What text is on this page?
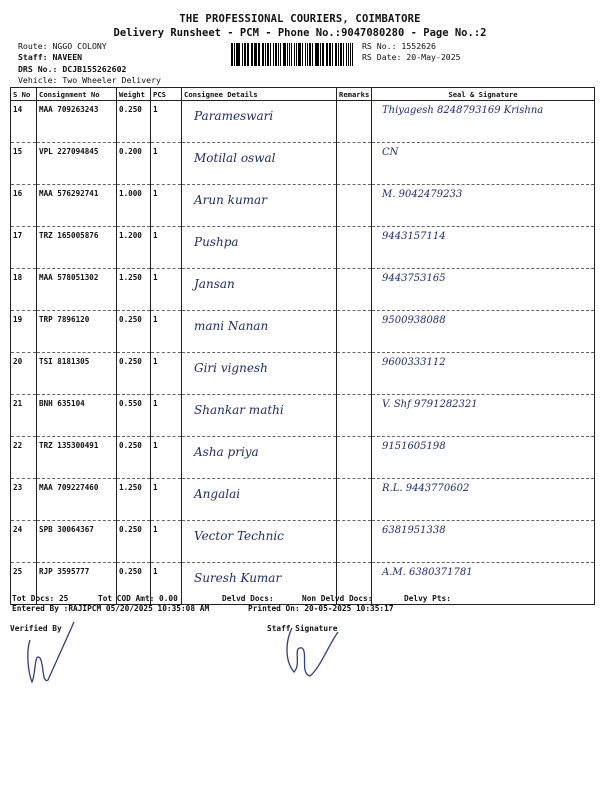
THE PROFESSIONAL COURIERS, COIMBATORE
Delivery Runsheet - PCM - Phone No.:9047080280 - Page No.:2
Route: NGGO COLONY
Staff: NAVEEN
DRS No.: DCJB155262602
Vehicle: Two Wheeler Delivery
RS No.: 1552626
RS Date: 20-May-2025
S No	Consignment No	Weight	PCS	Consignee Details	Remarks	Seal & Signature
14	MAA 709263243	0.250	1	Parameswari		Thiyagesh 8248793169 Krishna

15	VPL 227094845	0.200	1	Motilal oswal		CN

16	MAA 576292741	1.000	1	Arun kumar		M. 9042479233

17	TRZ 165005876	1.200	1	Pushpa		9443157114

18	MAA 578051302	1.250	1	Jansan		9443753165

19	TRP 7896120	0.250	1	mani Nanan		9500938088

20	TSI 8181305	0.250	1	Giri vignesh		9600333112

21	BNH 635104	0.550	1	Shankar mathi		V. Shf 9791282321

22	TRZ 135300491	0.250	1	Asha priya		9151605198

23	MAA 709227460	1.250	1	Angalai		R.L. 9443770602

24	SPB 30064367	0.250	1	Vector Technic		6381951338

25	RJP 3595777	0.250	1	Suresh Kumar		A.M. 6380371781
Tot Docs: 25	Tot COD Amt: 0.00	Delvd Docs:	Non Delvd Docs:	Delvy Pts:
Entered By :RAJIPCM 05/20/2025 10:35:08 AM	Printed On: 20-05-2025 10:35:17
Verified By	Staff Signature
